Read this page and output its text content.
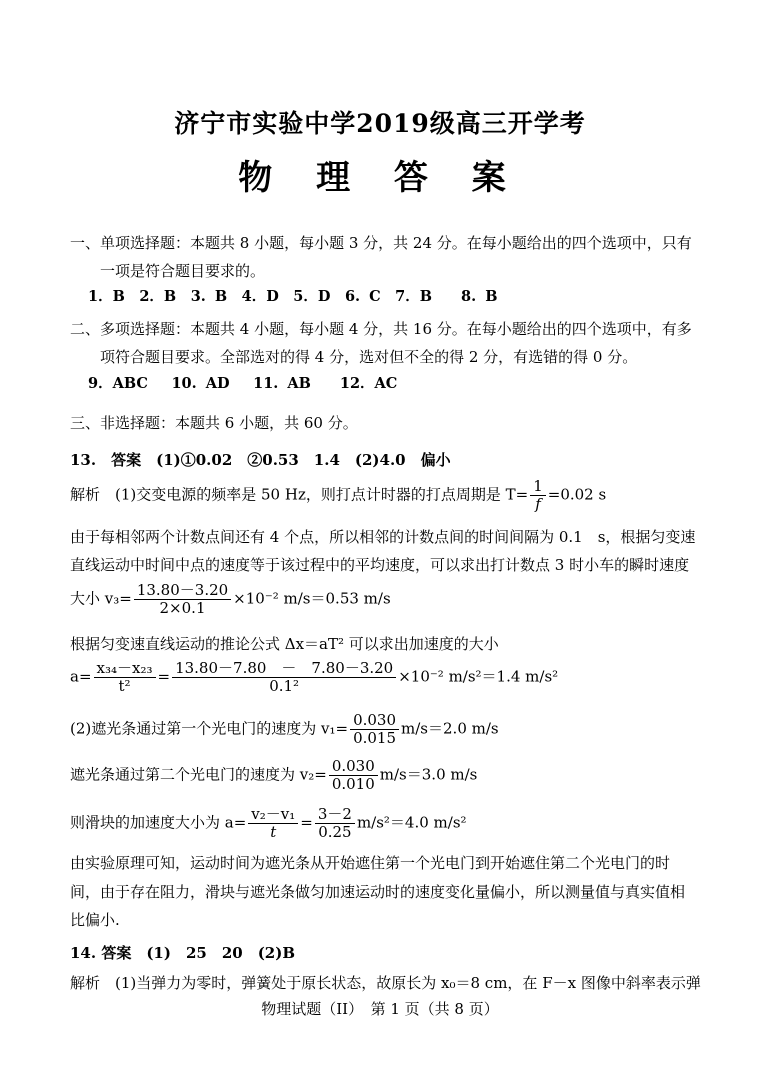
济宁市实验中学2019级高三开学考
物 理 答 案
一、单项选择题：本题共 8 小题，每小题 3 分，共 24 分。在每小题给出的四个选项中，只有
一项是符合题目要求的。
1．B　2．B　3. B　4．D　5．D　6. C　7．B　　8. B
二、多项选择题：本题共 4 小题，每小题 4 分，共 16 分。在每小题给出的四个选项中，有多
项符合题目要求。全部选对的得 4 分，选对但不全的得 2 分，有选错的得 0 分。
9．ABC　 10. AD　 11. AB　　12．AC
三、非选择题：本题共 6 小题，共 60 分。
13.　答案　(1)①0.02　②0.53　1.4　(2)4.0　偏小
解析　(1)交变电源的频率是 50 Hz，则打点计时器的打点周期是 $T= \frac{1}{f} =0.02$ s
由于每相邻两个计数点间还有 4 个点，所以相邻的计数点间的时间间隔为 0.1　s，根据匀变速
直线运动中时间中点的速度等于该过程中的平均速度，可以求出打计数点 3 时小车的瞬时速度
大小 $v_3= \frac{13.80-3.20}{2\times 0.1} \times 10^{-2}$ m/s＝0.53 m/s
根据匀变速直线运动的推论公式 Δx＝aT² 可以求出加速度的大小
$a= \frac{\text{x₃₄－x₂₃}}{\text{t²}} = \frac{13.80-7.80 - 7.80-3.20}{\text{0.1²}} \times 10^{-2}$ m/s²＝1.4 m/s²
(2)遮光条通过第一个光电门的速度为 $v_1= \frac{0.030}{0.015} m/s=2.0$ m/s
遮光条通过第二个光电门的速度为 $v_2= \frac{0.030}{0.010} m/s=3.0$ m/s
则滑块的加速度大小为 $a= \frac{\text{v₂－v₁}}{t} = \frac{3-2}{0.25} m/s^2=4.0$ m/s²
由实验原理可知，运动时间为遮光条从开始遮住第一个光电门到开始遮住第二个光电门的时
间，由于存在阻力，滑块与遮光条做匀加速运动时的速度变化量偏小，所以测量值与真实值相
比偏小.
14. 答案　(1)　25　20　(2)B
解析　(1)当弹力为零时，弹簧处于原长状态，故原长为 x₀＝8 cm，在 F－x 图像中斜率表示弹
物理试题（II）　第 1 页（共 8 页）
